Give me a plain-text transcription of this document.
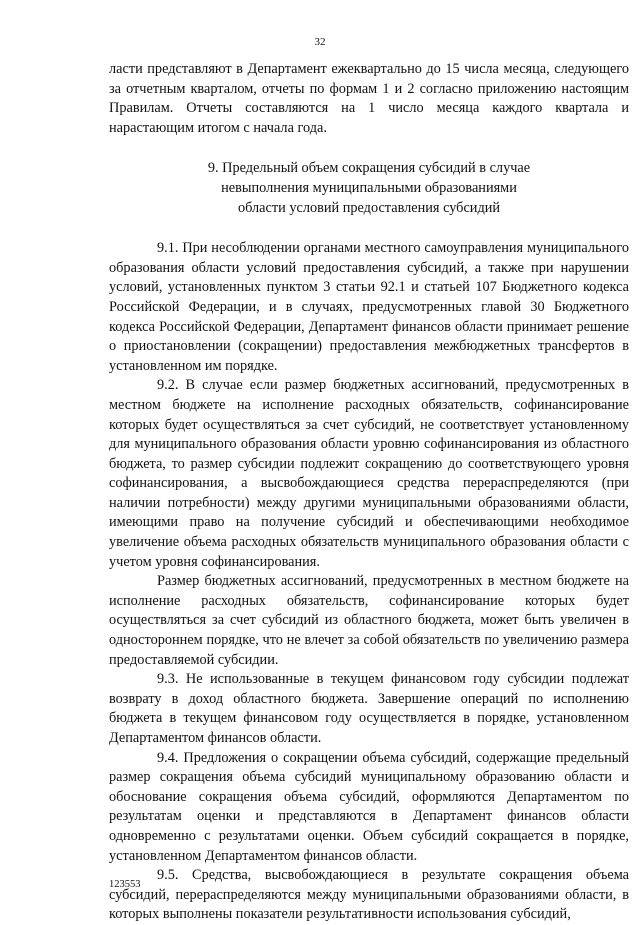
32

ласти представляют в Департамент ежеквартально до 15 числа месяца, следующего за отчетным кварталом, отчеты по формам 1 и 2 согласно приложению настоящим Правилам. Отчеты составляются на 1 число месяца каждого квартала и нарастающим итогом с начала года.

9. Предельный объем сокращения субсидий в случае
невыполнения муниципальными образованиями
области условий предоставления субсидий

9.1. При несоблюдении органами местного самоуправления муниципального образования области условий предоставления субсидий, а также при нарушении условий, установленных пунктом 3 статьи 92.1 и статьей 107 Бюджетного кодекса Российской Федерации, и в случаях, предусмотренных главой 30 Бюджетного кодекса Российской Федерации, Департамент финансов области принимает решение о приостановлении (сокращении) предоставления межбюджетных трансфертов в установленном им порядке.

9.2. В случае если размер бюджетных ассигнований, предусмотренных в местном бюджете на исполнение расходных обязательств, софинансирование которых будет осуществляться за счет субсидий, не соответствует установленному для муниципального образования области уровню софинансирования из областного бюджета, то размер субсидии подлежит сокращению до соответствующего уровня софинансирования, а высвобождающиеся средства перераспределяются (при наличии потребности) между другими муниципальными образованиями области, имеющими право на получение субсидий и обеспечивающими необходимое увеличение объема расходных обязательств муниципального образования области с учетом уровня софинансирования.

Размер бюджетных ассигнований, предусмотренных в местном бюджете на исполнение расходных обязательств, софинансирование которых будет осуществляться за счет субсидий из областного бюджета, может быть увеличен в одностороннем порядке, что не влечет за собой обязательств по увеличению размера предоставляемой субсидии.

9.3. Не использованные в текущем финансовом году субсидии подлежат возврату в доход областного бюджета. Завершение операций по исполнению бюджета в текущем финансовом году осуществляется в порядке, установленном Департаментом финансов области.

9.4. Предложения о сокращении объема субсидий, содержащие предельный размер сокращения объема субсидий муниципальному образованию области и обоснование сокращения объема субсидий, оформляются Департаментом по результатам оценки и представляются в Департамент финансов области одновременно с результатами оценки. Объем субсидий сокращается в порядке, установленном Департаментом финансов области.

9.5. Средства, высвобождающиеся в результате сокращения объема субсидий, перераспределяются между муниципальными образованиями области, в которых выполнены показатели результативности использования субсидий,

123553
